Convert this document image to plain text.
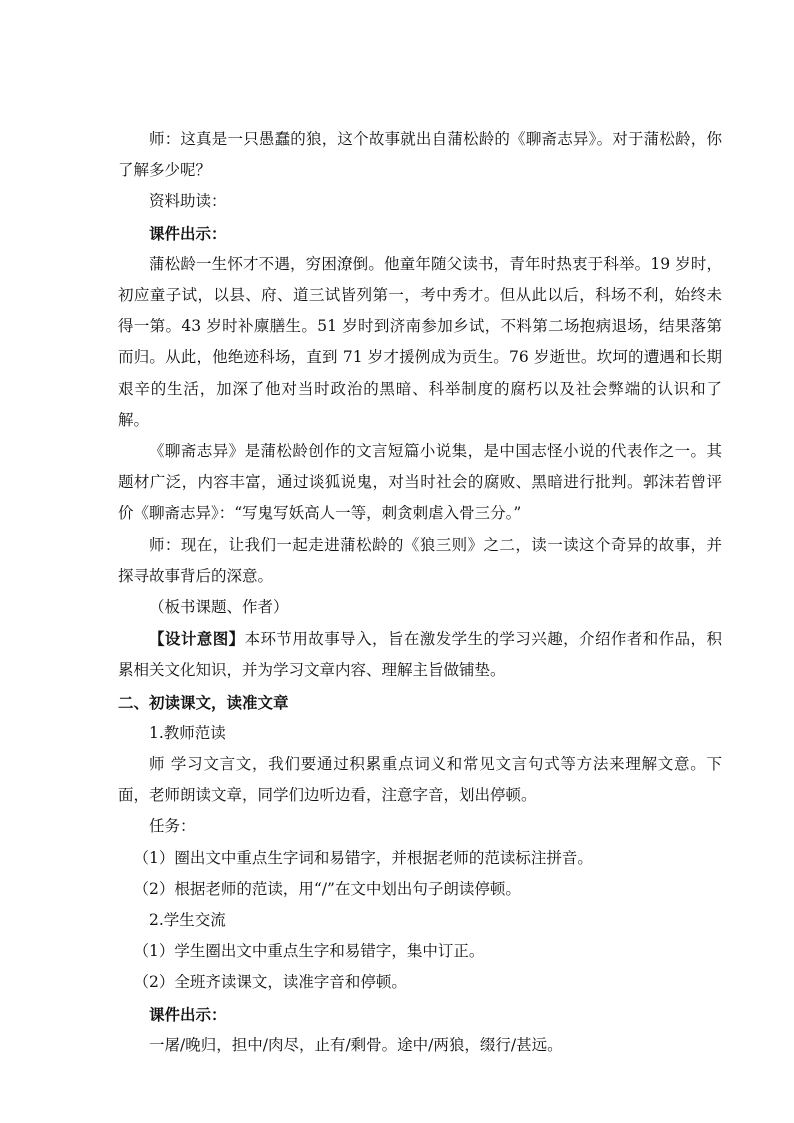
师：这真是一只愚蠢的狼，这个故事就出自蒲松龄的《聊斋志异》。对于蒲松龄，你了解多少呢？

资料助读：

课件出示：

蒲松龄一生怀才不遇，穷困潦倒。他童年随父读书，青年时热衷于科举。19 岁时，初应童子试，以县、府、道三试皆列第一，考中秀才。但从此以后，科场不利，始终未得一第。43 岁时补廪膳生。51 岁时到济南参加乡试，不料第二场抱病退场，结果落第而归。从此，他绝迹科场，直到 71 岁才援例成为贡生。76 岁逝世。坎坷的遭遇和长期艰辛的生活，加深了他对当时政治的黑暗、科举制度的腐朽以及社会弊端的认识和了解。

《聊斋志异》是蒲松龄创作的文言短篇小说集，是中国志怪小说的代表作之一。其题材广泛，内容丰富，通过谈狐说鬼，对当时社会的腐败、黑暗进行批判。郭沫若曾评价《聊斋志异》：“写鬼写妖高人一等，刺贪刺虐入骨三分。”

师：现在，让我们一起走进蒲松龄的《狼三则》之二，读一读这个奇异的故事，并探寻故事背后的深意。

（板书课题、作者）

【设计意图】本环节用故事导入，旨在激发学生的学习兴趣，介绍作者和作品，积累相关文化知识，并为学习文章内容、理解主旨做铺垫。

二、初读课文，读准文章

1.教师范读

师 学习文言文，我们要通过积累重点词义和常见文言句式等方法来理解文意。下面，老师朗读文章，同学们边听边看，注意字音，划出停顿。

任务：

（1）圈出文中重点生字词和易错字，并根据老师的范读标注拼音。

（2）根据老师的范读，用“/”在文中划出句子朗读停顿。

2.学生交流

（1）学生圈出文中重点生字和易错字，集中订正。

（2）全班齐读课文，读准字音和停顿。

课件出示：

一屠/晚归，担中/肉尽，止有/剩骨。途中/两狼，缀行/甚远。
